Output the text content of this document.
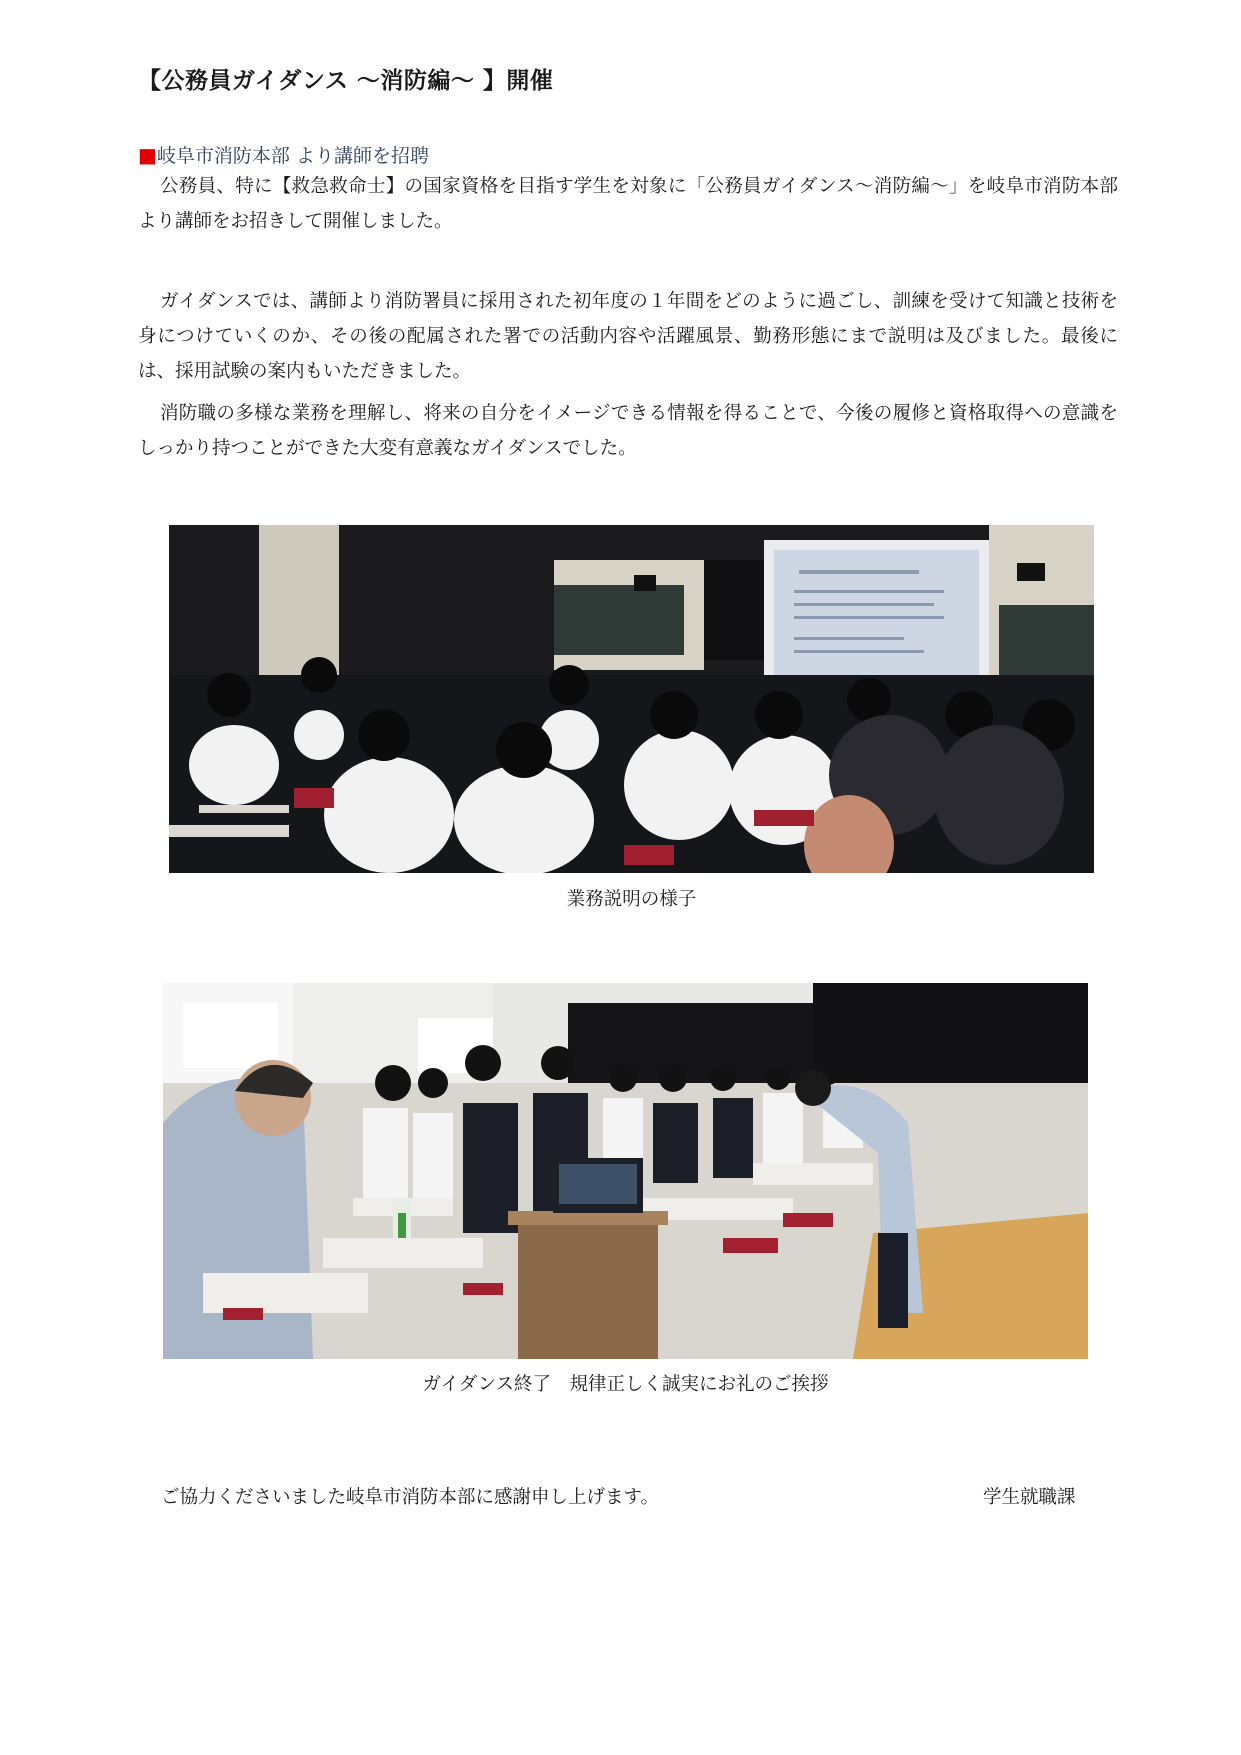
【公務員ガイダンス 〜消防編〜 】開催
■岐阜市消防本部 より講師を招聘

公務員、特に【救急救命士】の国家資格を目指す学生を対象に「公務員ガイダンス〜消防編〜」を岐阜市消防本部より講師をお招きして開催しました。

ガイダンスでは、講師より消防署員に採用された初年度の１年間をどのように過ごし、訓練を受けて知識と技術を身につけていくのか、その後の配属された署での活動内容や活躍風景、勤務形態にまで説明は及びました。最後には、採用試験の案内もいただきました。

消防職の多様な業務を理解し、将来の自分をイメージできる情報を得ることで、今後の履修と資格取得への意識をしっかり持つことができた大変有意義なガイダンスでした。

業務説明の様子
ガイダンス終了　規律正しく誠実にお礼のご挨拶
ご協力くださいました岐阜市消防本部に感謝申し上げます。	学生就職課
